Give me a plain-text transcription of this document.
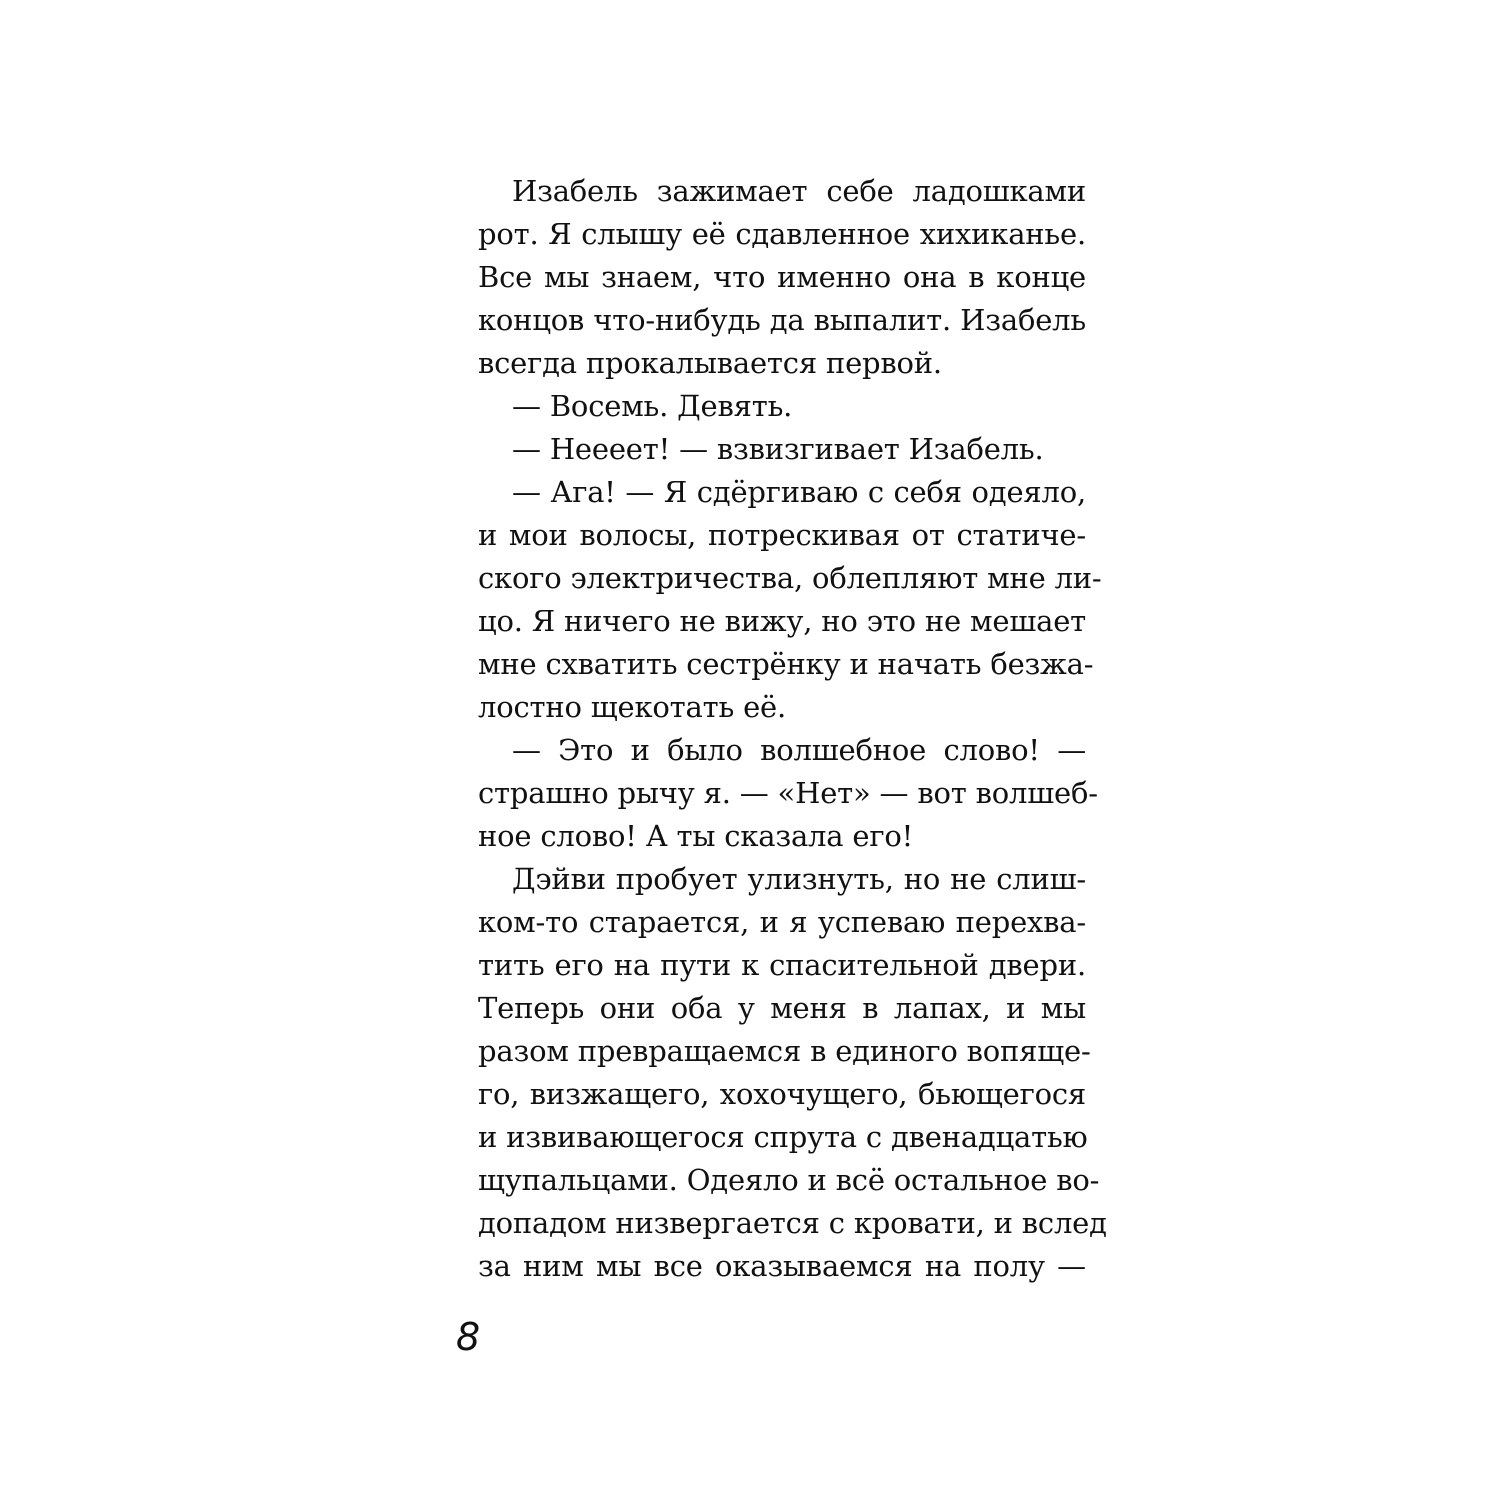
Изабель зажимает себе ладошками
рот. Я слышу её сдавленное хихиканье.
Все мы знаем, что именно она в конце
концов что-нибудь да выпалит. Изабель
всегда прокалывается первой.
— Восемь. Девять.
— Нееeет! — взвизгивает Изабель.
— Ага! — Я сдёргиваю с себя одеяло,
и мои волосы, потрескивая от статиче-
ского электричества, облепляют мне ли-
цо. Я ничего не вижу, но это не мешает
мне схватить сестрёнку и начать безжа-
лостно щекотать её.
— Это и было волшебное слово! —
страшно рычу я. — «Нет» — вот волшеб-
ное слово! А ты сказала его!
Дэйви пробует улизнуть, но не слиш-
ком-то старается, и я успеваю перехва-
тить его на пути к спасительной двери.
Теперь они оба у меня в лапах, и мы
разом превращаемся в единого вопяще-
го, визжащего, хохочущего, бьющегося
и извивающегося спрута с двенадцатью
щупальцами. Одеяло и всё остальное во-
допадом низвергается с кровати, и вслед
за ним мы все оказываемся на полу —
8
